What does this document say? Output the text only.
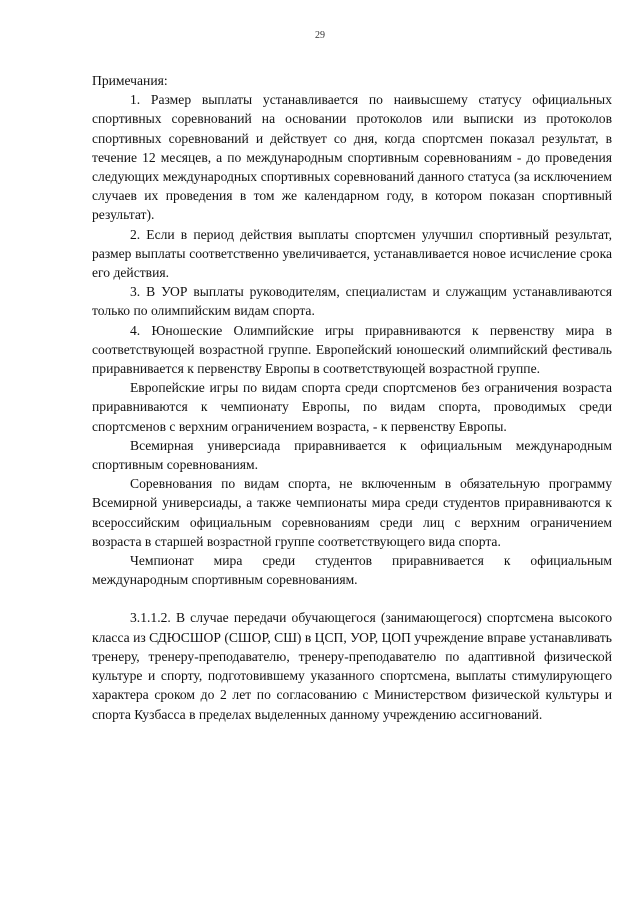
29

Примечания:

1. Размер выплаты устанавливается по наивысшему статусу официальных спортивных соревнований на основании протоколов или выписки из протоколов спортивных соревнований и действует со дня, когда спортсмен показал результат, в течение 12 месяцев, а по международным спортивным соревнованиям - до проведения следующих международных спортивных соревнований данного статуса (за исключением случаев их проведения в том же календарном году, в котором показан спортивный результат).

2. Если в период действия выплаты спортсмен улучшил спортивный результат, размер выплаты соответственно увеличивается, устанавливается новое исчисление срока его действия.

3. В УОР выплаты руководителям, специалистам и служащим устанавливаются только по олимпийским видам спорта.

4. Юношеские Олимпийские игры приравниваются к первенству мира в соответствующей возрастной группе. Европейский юношеский олимпийский фестиваль приравнивается к первенству Европы в соответствующей возрастной группе.

Европейские игры по видам спорта среди спортсменов без ограничения возраста приравниваются к чемпионату Европы, по видам спорта, проводимых среди спортсменов с верхним ограничением возраста, - к первенству Европы.

Всемирная универсиада приравнивается к официальным международным спортивным соревнованиям.

Соревнования по видам спорта, не включенным в обязательную программу Всемирной универсиады, а также чемпионаты мира среди студентов приравниваются к всероссийским официальным соревнованиям среди лиц с верхним ограничением возраста в старшей возрастной группе соответствующего вида спорта.

Чемпионат мира среди студентов приравнивается к официальным международным спортивным соревнованиям.

3.1.1.2. В случае передачи обучающегося (занимающегося) спортсмена высокого класса из СДЮСШОР (СШОР, СШ) в ЦСП, УОР, ЦОП учреждение вправе устанавливать тренеру, тренеру-преподавателю, тренеру-преподавателю по адаптивной физической культуре и спорту, подготовившему указанного спортсмена, выплаты стимулирующего характера сроком до 2 лет по согласованию с Министерством физической культуры и спорта Кузбасса в пределах выделенных данному учреждению ассигнований.
